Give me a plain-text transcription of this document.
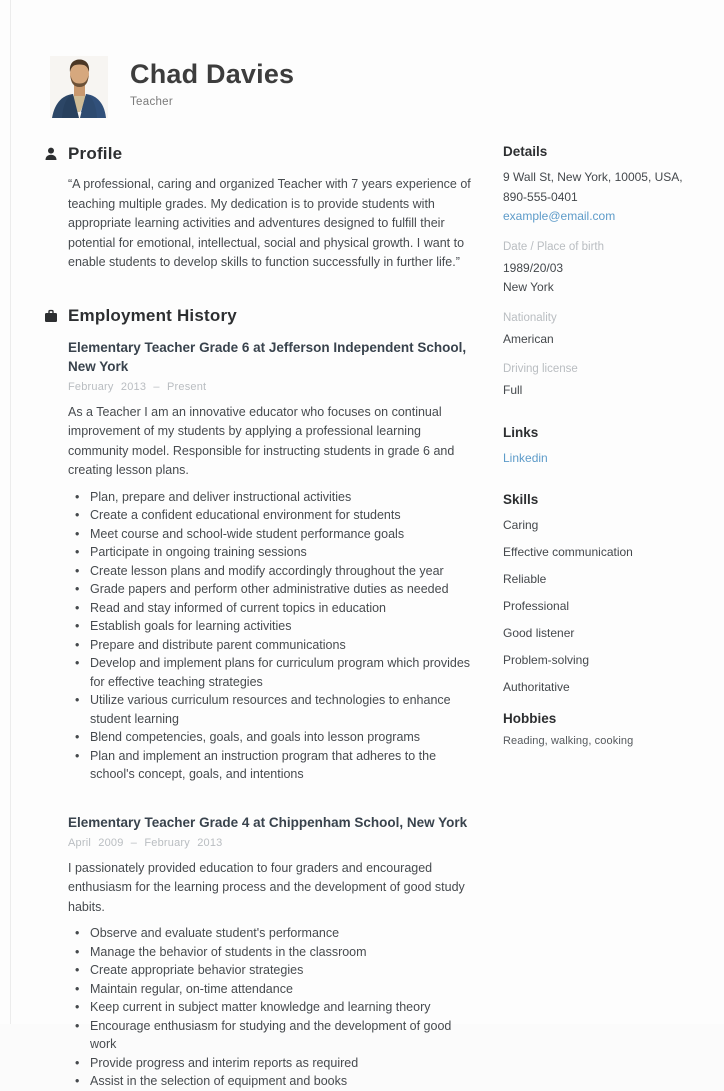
Chad Davies
Teacher
Profile

“A professional, caring and organized Teacher with 7 years experience of teaching multiple grades. My dedication is to provide students with appropriate learning activities and adventures designed to fulfill their potential for emotional, intellectual, social and physical growth. I want to enable students to develop skills to function successfully in further life.”

Employment History
Elementary Teacher Grade 6 at Jefferson Independent School, New York
February 2013 – Present

As a Teacher I am an innovative educator who focuses on continual improvement of my students by applying a professional learning community model. Responsible for instructing students in grade 6 and creating lesson plans.

• Plan, prepare and deliver instructional activities
• Create a confident educational environment for students
• Meet course and school-wide student performance goals
• Participate in ongoing training sessions
• Create lesson plans and modify accordingly throughout the year
• Grade papers and perform other administrative duties as needed
• Read and stay informed of current topics in education
• Establish goals for learning activities
• Prepare and distribute parent communications
• Develop and implement plans for curriculum program which provides for effective teaching strategies
• Utilize various curriculum resources and technologies to enhance student learning
• Blend competencies, goals, and goals into lesson programs
• Plan and implement an instruction program that adheres to the school's concept, goals, and intentions
Elementary Teacher Grade 4 at Chippenham School, New York
April 2009 – February 2013

I passionately provided education to four graders and encouraged enthusiasm for the learning process and the development of good study habits.

• Observe and evaluate student's performance
• Manage the behavior of students in the classroom
• Create appropriate behavior strategies
• Maintain regular, on-time attendance
• Keep current in subject matter knowledge and learning theory
• Encourage enthusiasm for studying and the development of good work
• Provide progress and interim reports as required
• Assist in the selection of equipment and books
Details
9 Wall St, New York, 10005, USA,
890-555-0401
example@email.com
Date / Place of birth
1989/20/03
New York
Nationality
American
Driving license
Full
Links
Linkedin
Skills
Caring
Effective communication
Reliable
Professional
Good listener
Problem-solving
Authoritative
Hobbies
Reading, walking, cooking
